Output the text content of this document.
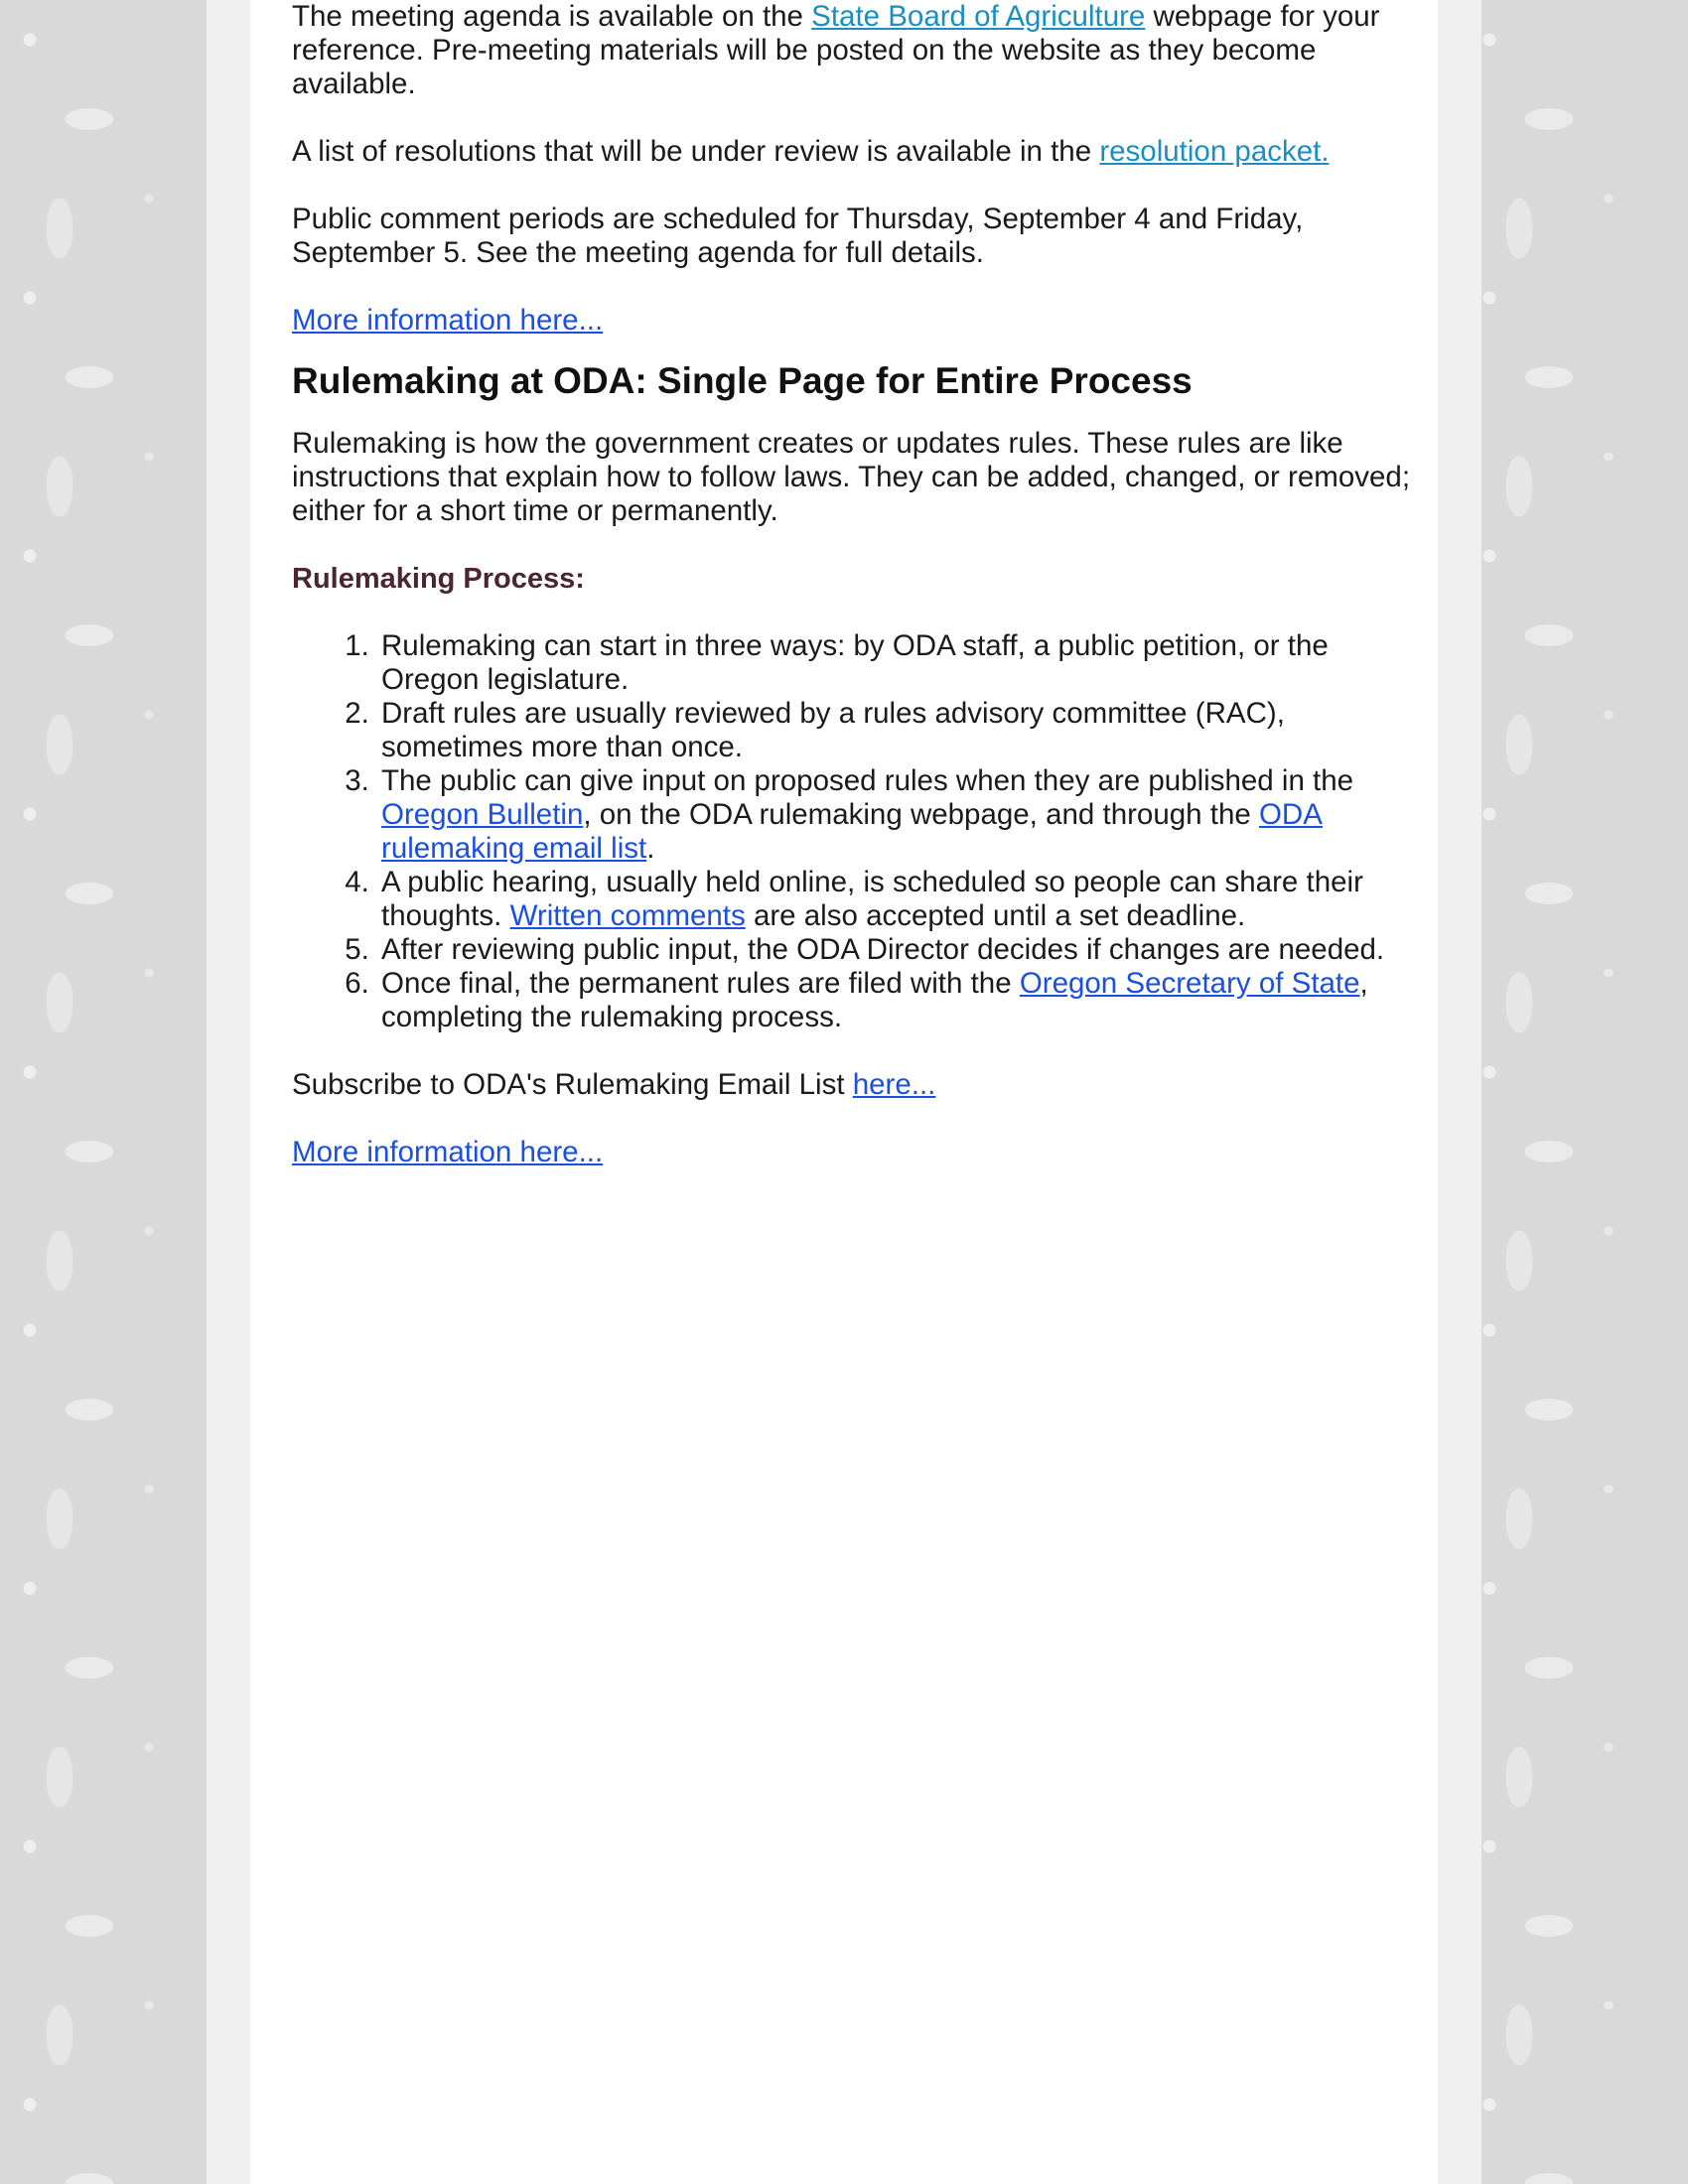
The meeting agenda is available on the State Board of Agriculture webpage for your reference. Pre-meeting materials will be posted on the website as they become available.

A list of resolutions that will be under review is available in the resolution packet.

Public comment periods are scheduled for Thursday, September 4 and Friday, September 5. See the meeting agenda for full details.

More information here...

Rulemaking at ODA: Single Page for Entire Process

Rulemaking is how the government creates or updates rules. These rules are like instructions that explain how to follow laws. They can be added, changed, or removed; either for a short time or permanently.

Rulemaking Process:

1. Rulemaking can start in three ways: by ODA staff, a public petition, or the Oregon legislature.
2. Draft rules are usually reviewed by a rules advisory committee (RAC), sometimes more than once.
3. The public can give input on proposed rules when they are published in the Oregon Bulletin, on the ODA rulemaking webpage, and through the ODA rulemaking email list.
4. A public hearing, usually held online, is scheduled so people can share their thoughts. Written comments are also accepted until a set deadline.
5. After reviewing public input, the ODA Director decides if changes are needed.
6. Once final, the permanent rules are filed with the Oregon Secretary of State, completing the rulemaking process.

Subscribe to ODA's Rulemaking Email List here...

More information here...
